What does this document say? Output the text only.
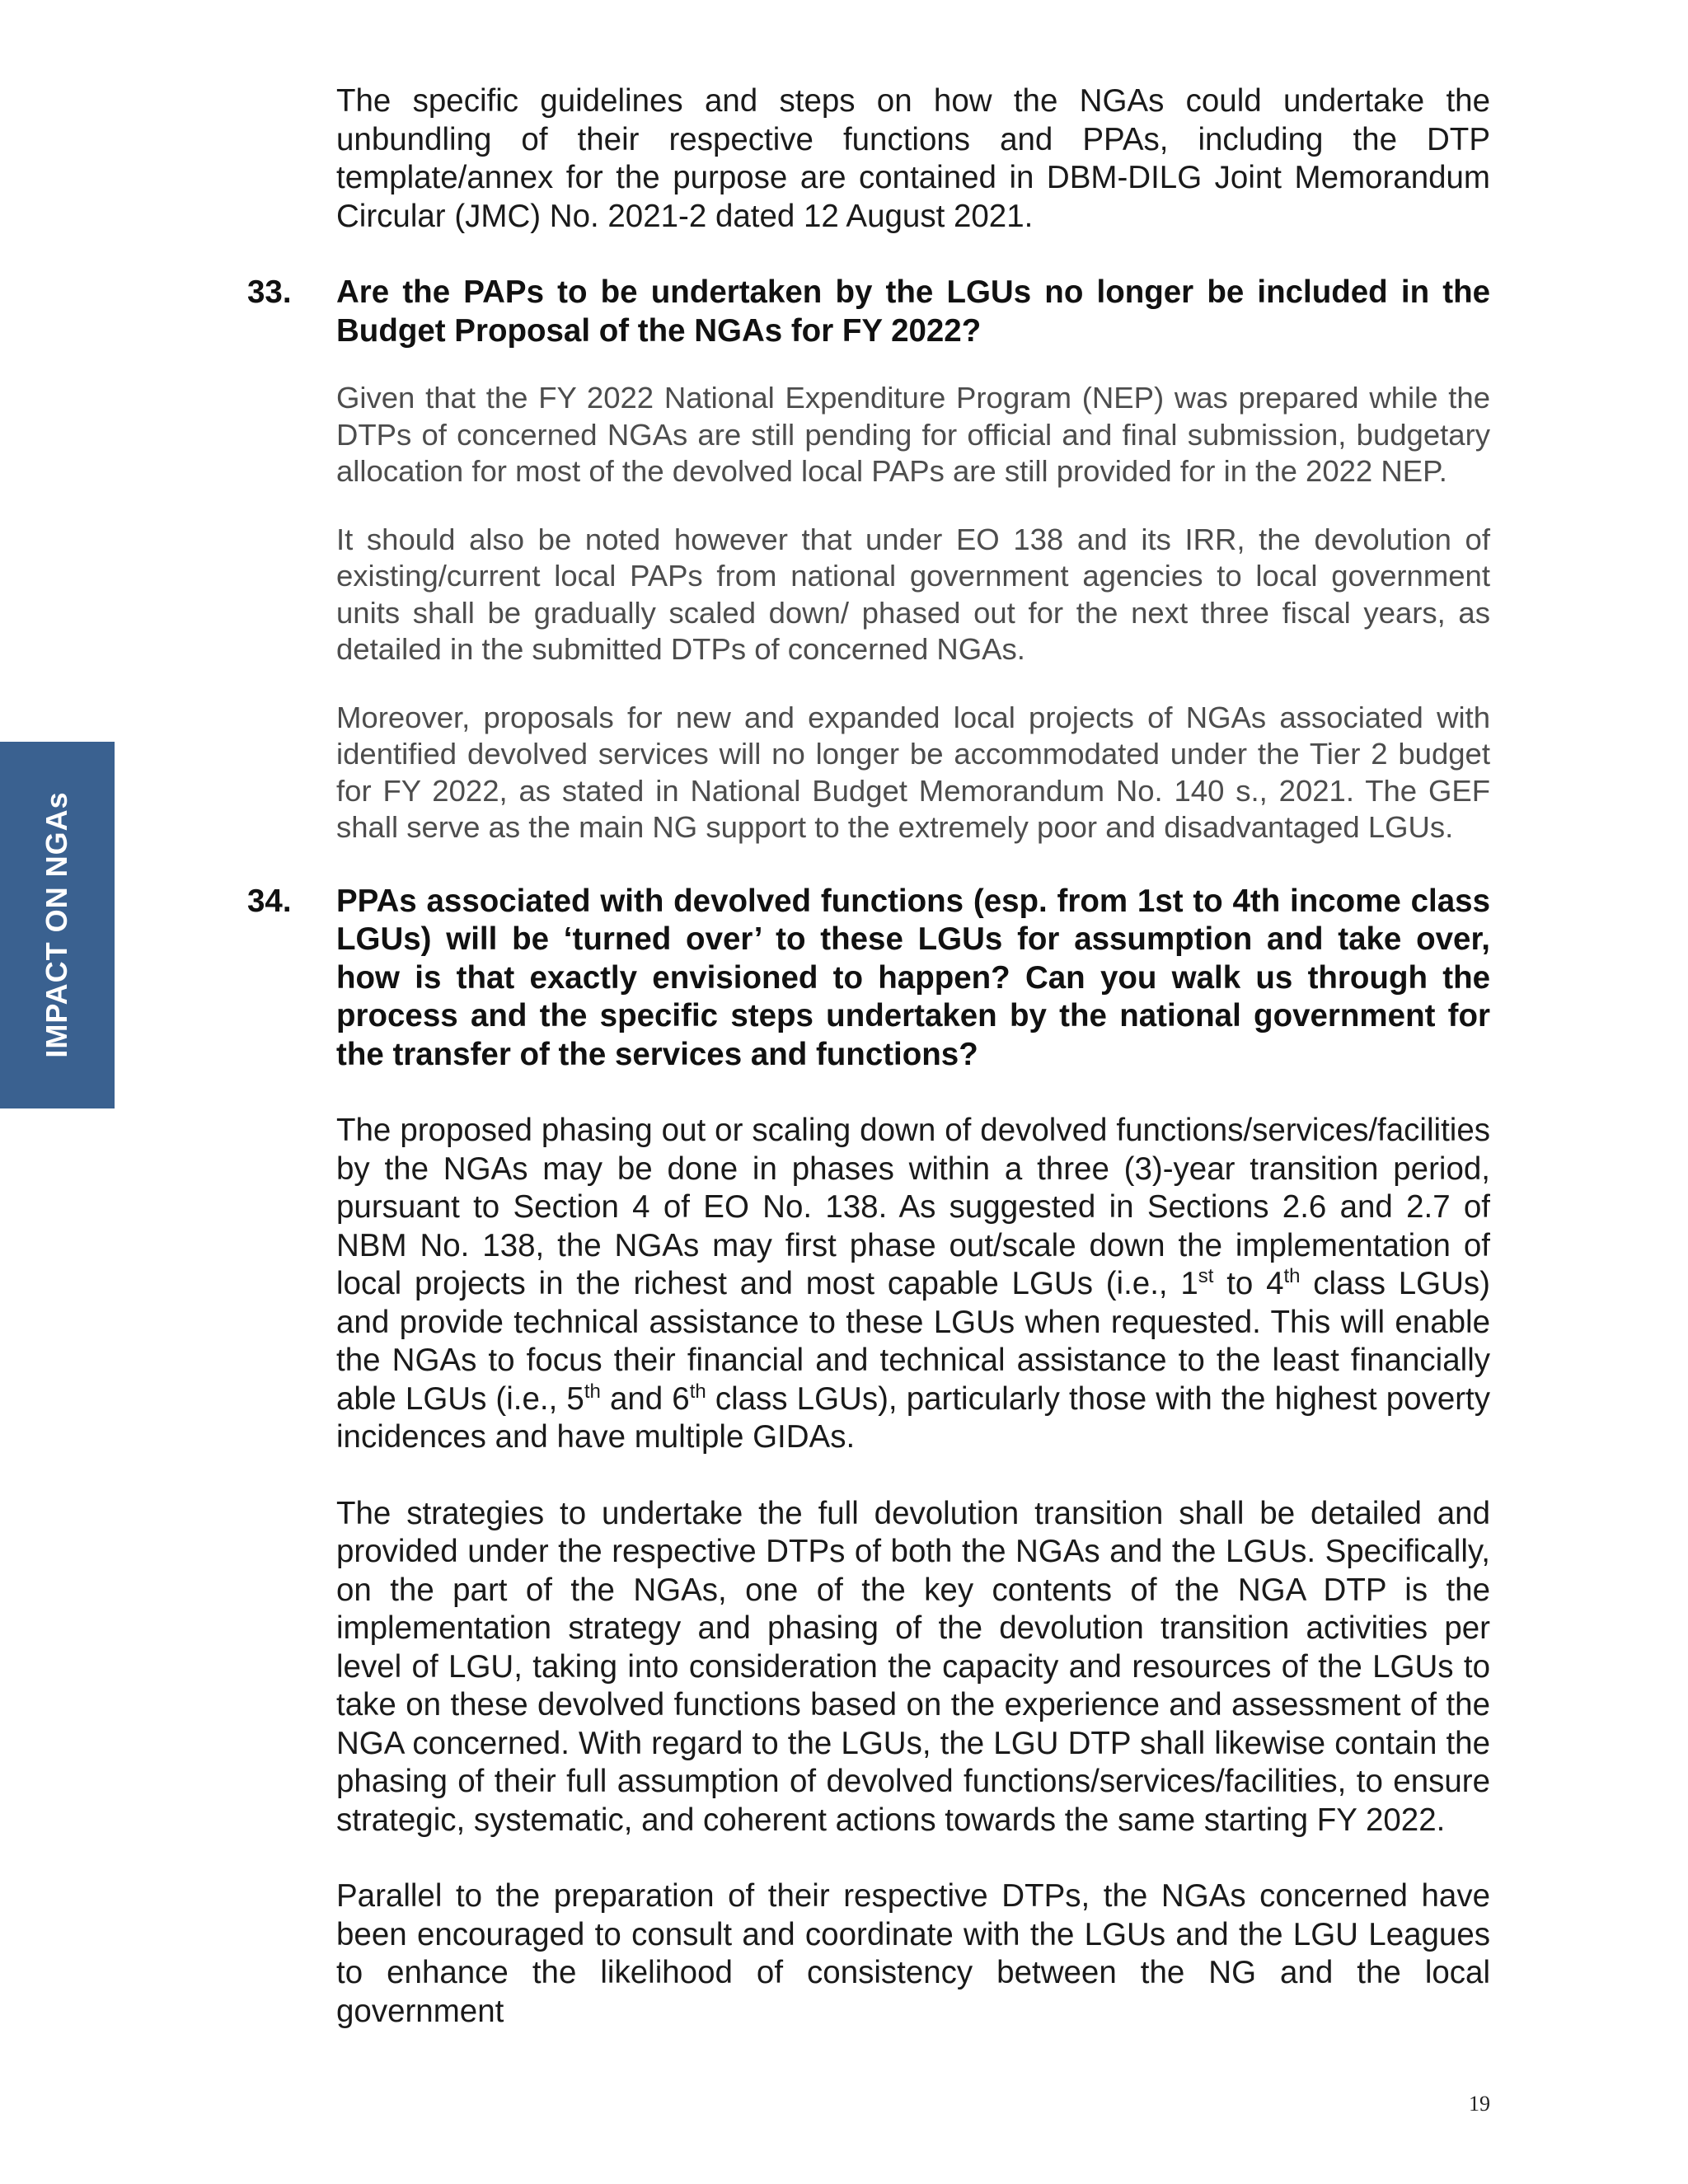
IMPACT ON NGAs

The specific guidelines and steps on how the NGAs could undertake the unbundling of their respective functions and PPAs, including the DTP template/annex for the purpose are contained in DBM-DILG Joint Memorandum Circular (JMC) No. 2021-2 dated 12 August 2021.

33. Are the PAPs to be undertaken by the LGUs no longer be included in the Budget Proposal of the NGAs for FY 2022?

Given that the FY 2022 National Expenditure Program (NEP) was prepared while the DTPs of concerned NGAs are still pending for official and final submission, budgetary allocation for most of the devolved local PAPs are still provided for in the 2022 NEP.

It should also be noted however that under EO 138 and its IRR, the devolution of existing/current local PAPs from national government agencies to local government units shall be gradually scaled down/ phased out for the next three fiscal years, as detailed in the submitted DTPs of concerned NGAs.

Moreover, proposals for new and expanded local projects of NGAs associated with identified devolved services will no longer be accommodated under the Tier 2 budget for FY 2022, as stated in National Budget Memorandum No. 140 s., 2021. The GEF shall serve as the main NG support to the extremely poor and disadvantaged LGUs.

34. PPAs associated with devolved functions (esp. from 1st to 4th income class LGUs) will be ‘turned over’ to these LGUs for assumption and take over, how is that exactly envisioned to happen? Can you walk us through the process and the specific steps undertaken by the national government for the transfer of the services and functions?

The proposed phasing out or scaling down of devolved functions/services/facilities by the NGAs may be done in phases within a three (3)-year transition period, pursuant to Section 4 of EO No. 138. As suggested in Sections 2.6 and 2.7 of NBM No. 138, the NGAs may first phase out/scale down the implementation of local projects in the richest and most capable LGUs (i.e., 1st to 4th class LGUs) and provide technical assistance to these LGUs when requested. This will enable the NGAs to focus their financial and technical assistance to the least financially able LGUs (i.e., 5th and 6th class LGUs), particularly those with the highest poverty incidences and have multiple GIDAs.

The strategies to undertake the full devolution transition shall be detailed and provided under the respective DTPs of both the NGAs and the LGUs. Specifically, on the part of the NGAs, one of the key contents of the NGA DTP is the implementation strategy and phasing of the devolution transition activities per level of LGU, taking into consideration the capacity and resources of the LGUs to take on these devolved functions based on the experience and assessment of the NGA concerned. With regard to the LGUs, the LGU DTP shall likewise contain the phasing of their full assumption of devolved functions/services/facilities, to ensure strategic, systematic, and coherent actions towards the same starting FY 2022.

Parallel to the preparation of their respective DTPs, the NGAs concerned have been encouraged to consult and coordinate with the LGUs and the LGU Leagues to enhance the likelihood of consistency between the NG and the local government

19
